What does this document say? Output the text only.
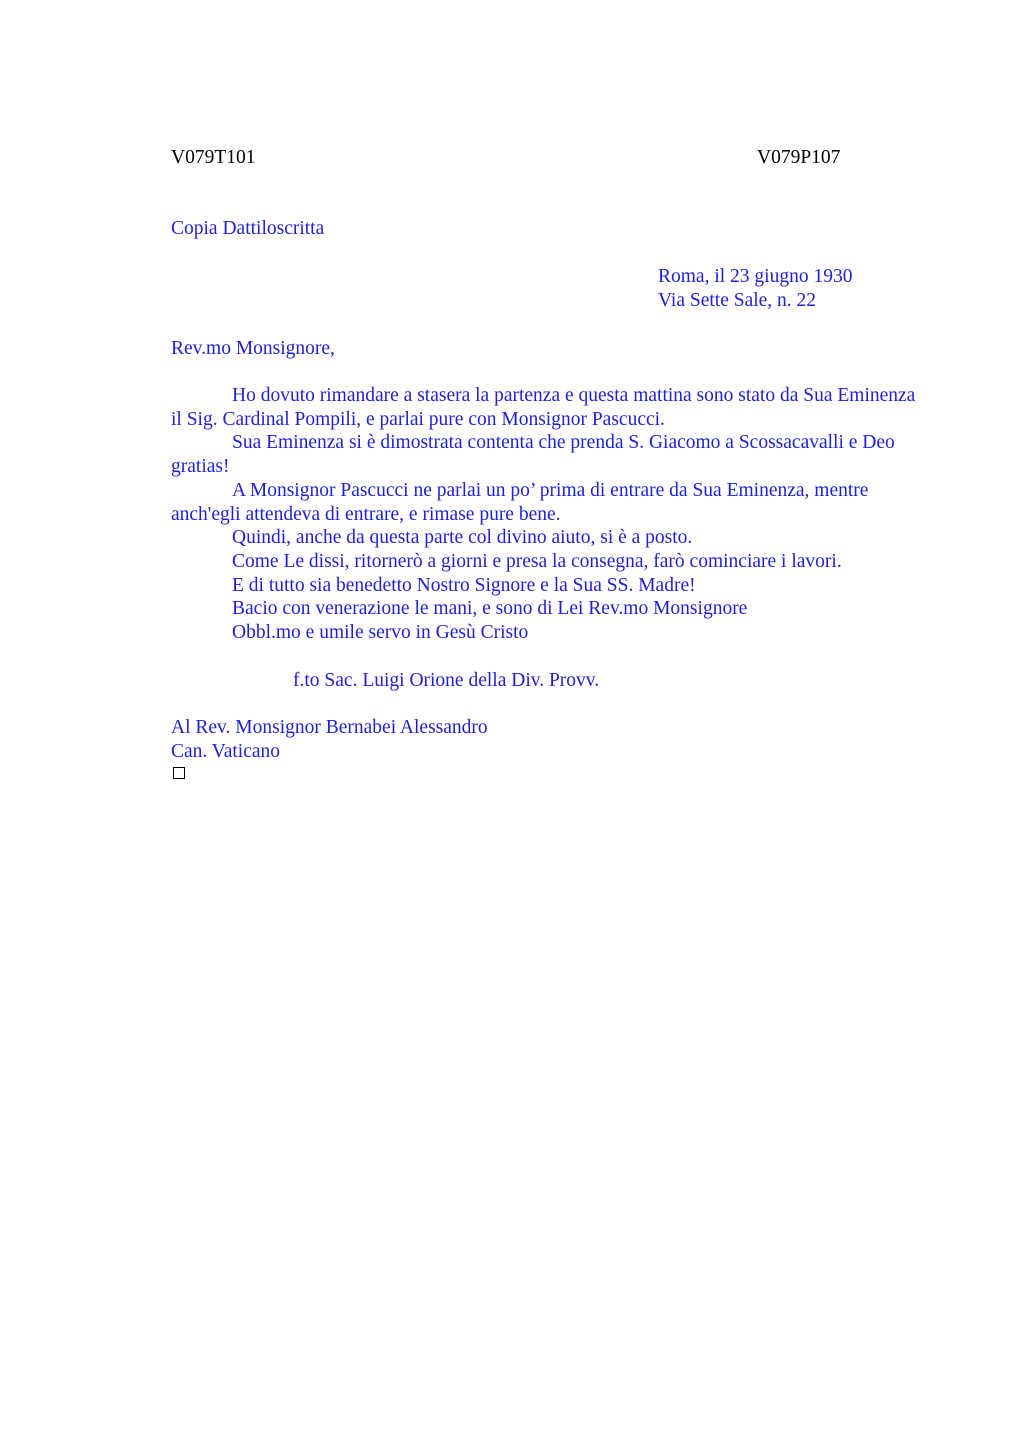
V079T101	V079P107
Copia Dattiloscritta
Roma, il 23 giugno 1930
Via Sette Sale, n. 22
Rev.mo Monsignore,

Ho dovuto rimandare a stasera la partenza e questa mattina sono stato da Sua Eminenza il Sig. Cardinal Pompili, e parlai pure con Monsignor Pascucci.

Sua Eminenza si è dimostrata contenta che prenda S. Giacomo a Scossacavalli e Deo gratias!

A Monsignor Pascucci ne parlai un po’ prima di entrare da Sua Eminenza, mentre anch'egli attendeva di entrare, e rimase pure bene.

Quindi, anche da questa parte col divino aiuto, si è a posto.

Come Le dissi, ritornerò a giorni e presa la consegna, farò cominciare i lavori.

E di tutto sia benedetto Nostro Signore e la Sua SS. Madre!

Bacio con venerazione le mani, e sono di Lei Rev.mo Monsignore

Obbl.mo e umile servo in Gesù Cristo

f.to Sac. Luigi Orione della Div. Provv.
Al Rev. Monsignor Bernabei Alessandro
Can. Vaticano
